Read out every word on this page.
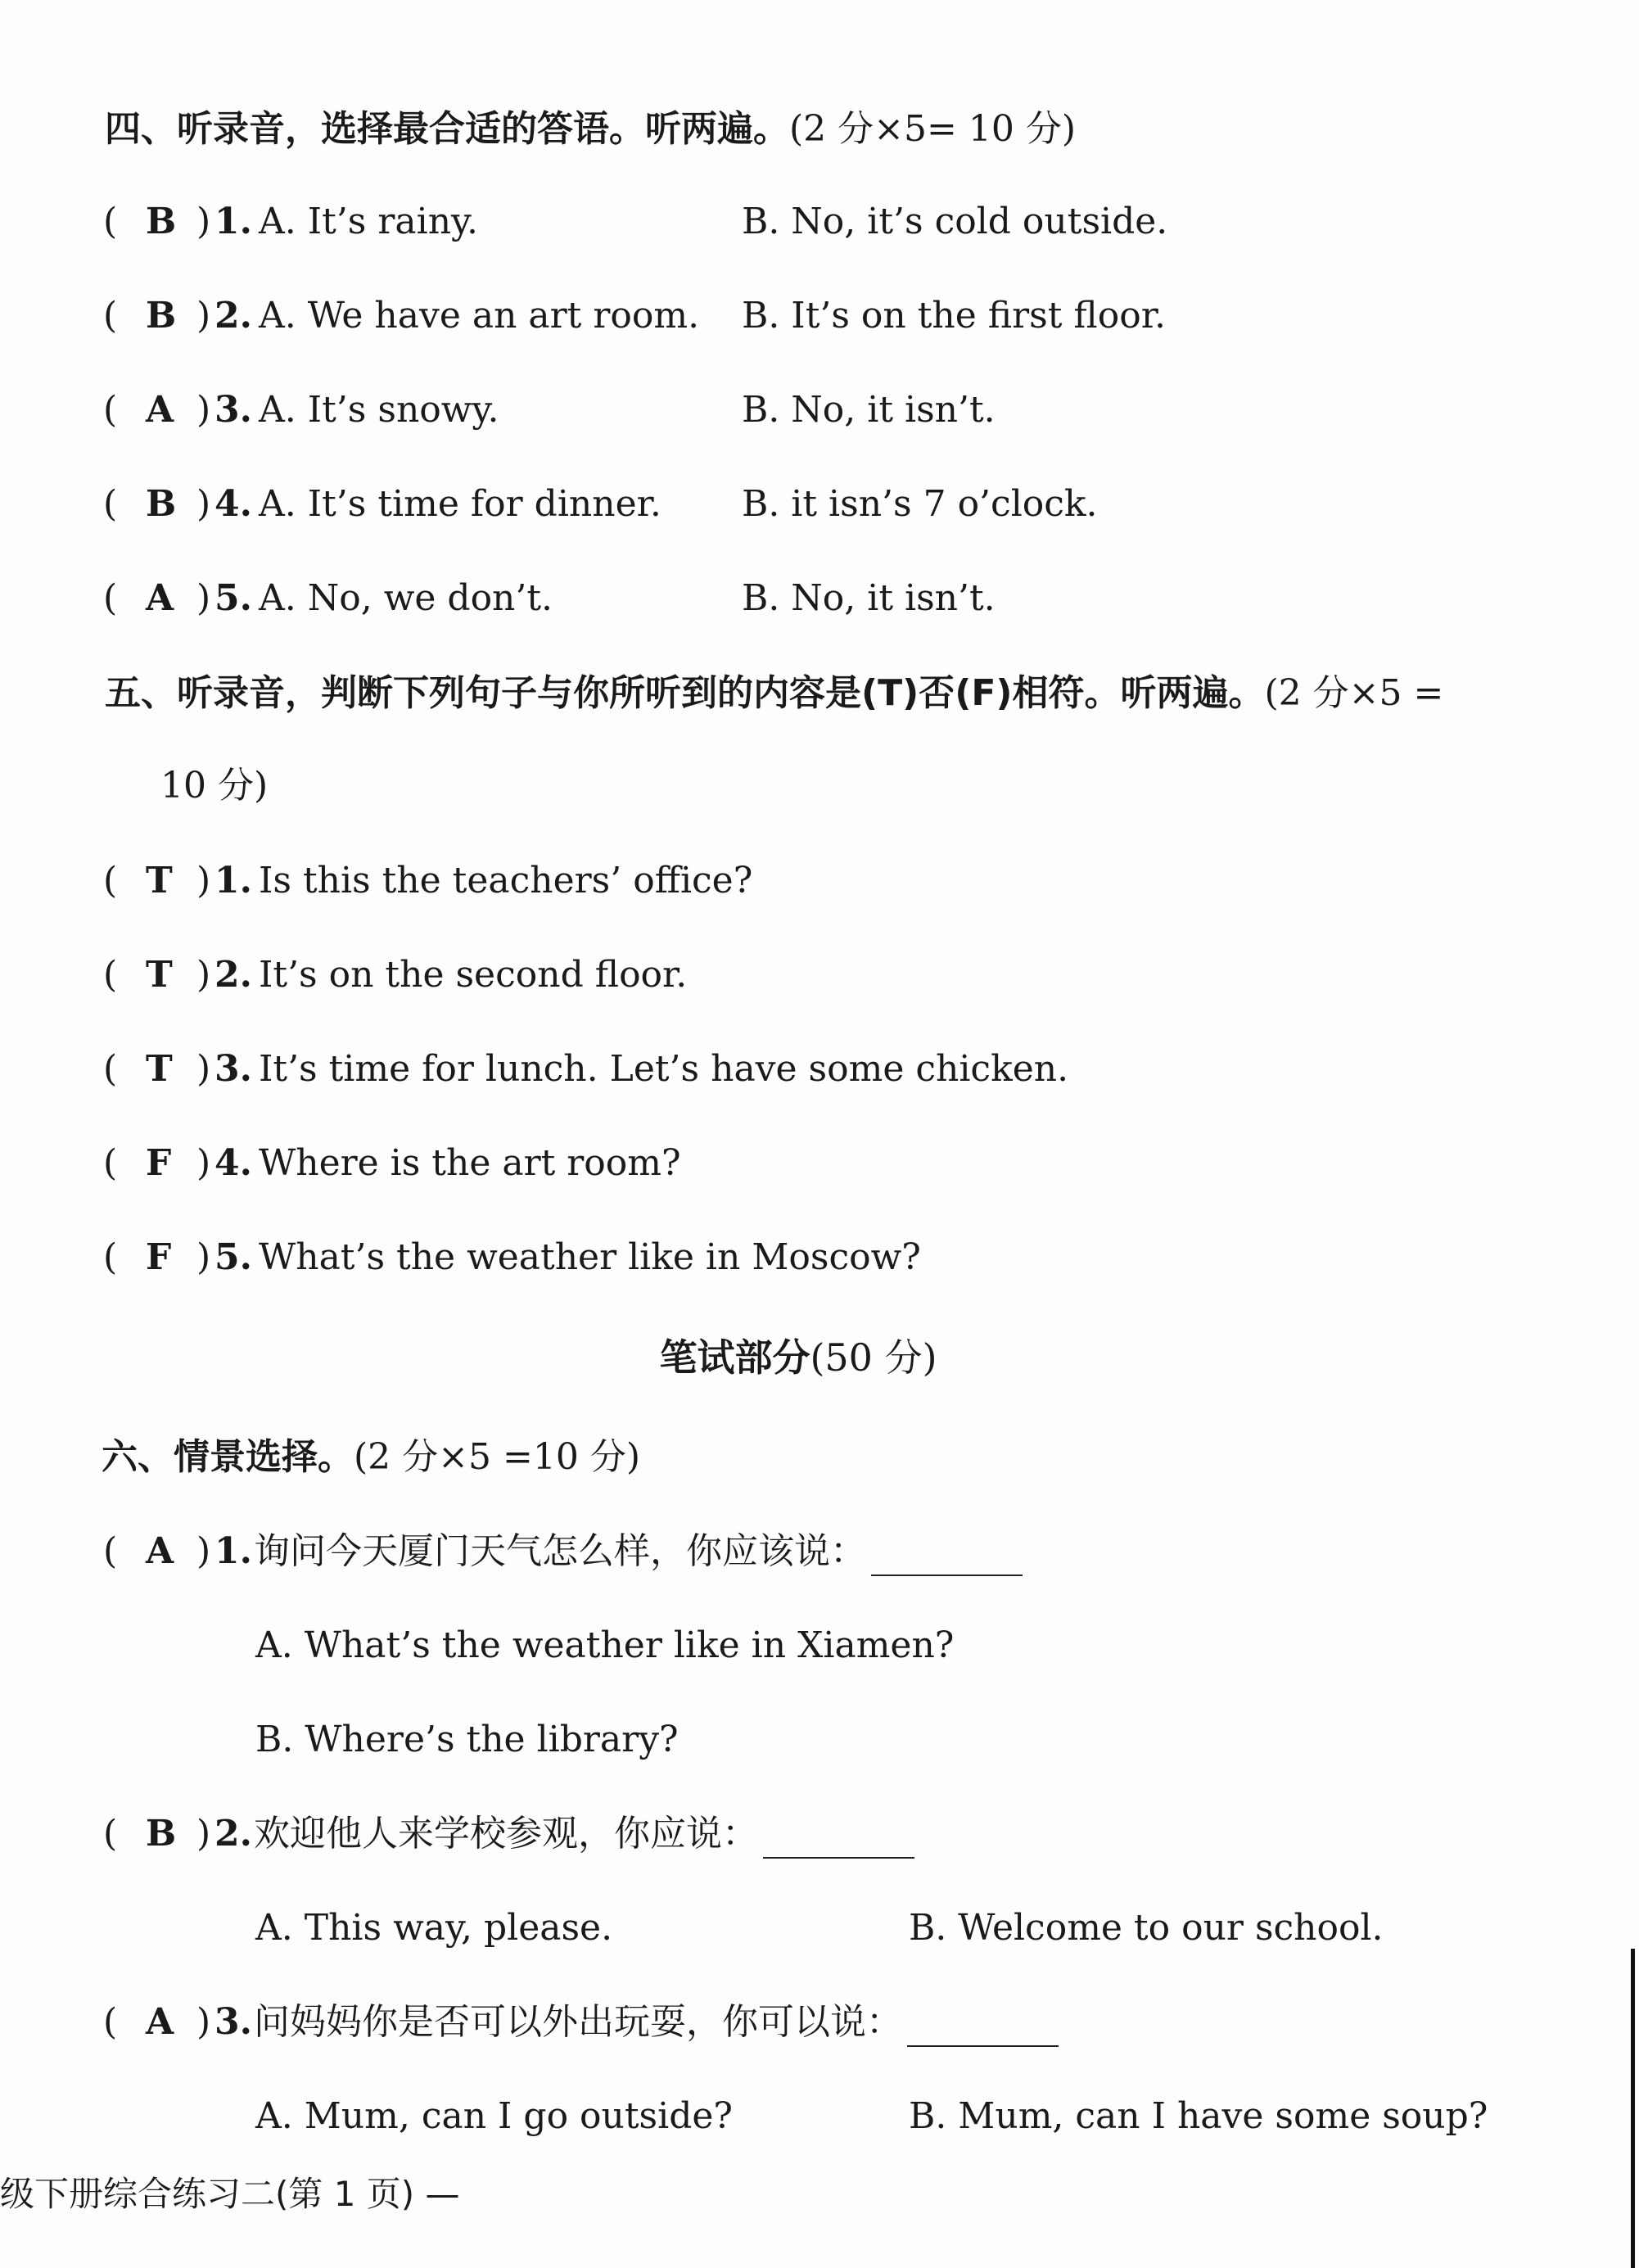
四、听录音，选择最合适的答语。听两遍。(2 分×5= 10 分)
( B ) 1. A. It’s rainy.	B. No, it’s cold outside.
( B ) 2. A. We have an art room. B. It’s on the first floor.
( A ) 3. A. It’s snowy.	B. No, it isn’t.
( B ) 4. A. It’s time for dinner. B. it isn’s 7 o’clock.
( A ) 5. A. No, we don’t.	B. No, it isn’t.
五、听录音，判断下列句子与你所听到的内容是(T)否(F)相符。听两遍。(2 分×5 =
10 分)
( T ) 1. Is this the teachers’ office?
( T ) 2. It’s on the second floor.
( T ) 3. It’s time for lunch. Let’s have some chicken.
( F ) 4. Where is the art room?
( F ) 5. What’s the weather like in Moscow?
笔试部分(50 分)
六、情景选择。(2 分×5 =10 分)
( A ) 1. 询问今天厦门天气怎么样，你应该说：
A. What’s the weather like in Xiamen?
B. Where’s the library?
( B ) 2. 欢迎他人来学校参观，你应说：
A. This way, please.	B. Welcome to our school.
( A ) 3. 问妈妈你是否可以外出玩耍，你可以说：
A. Mum, can I go outside?	B. Mum, can I have some soup?
级下册综合练习二(第 1 页) —
